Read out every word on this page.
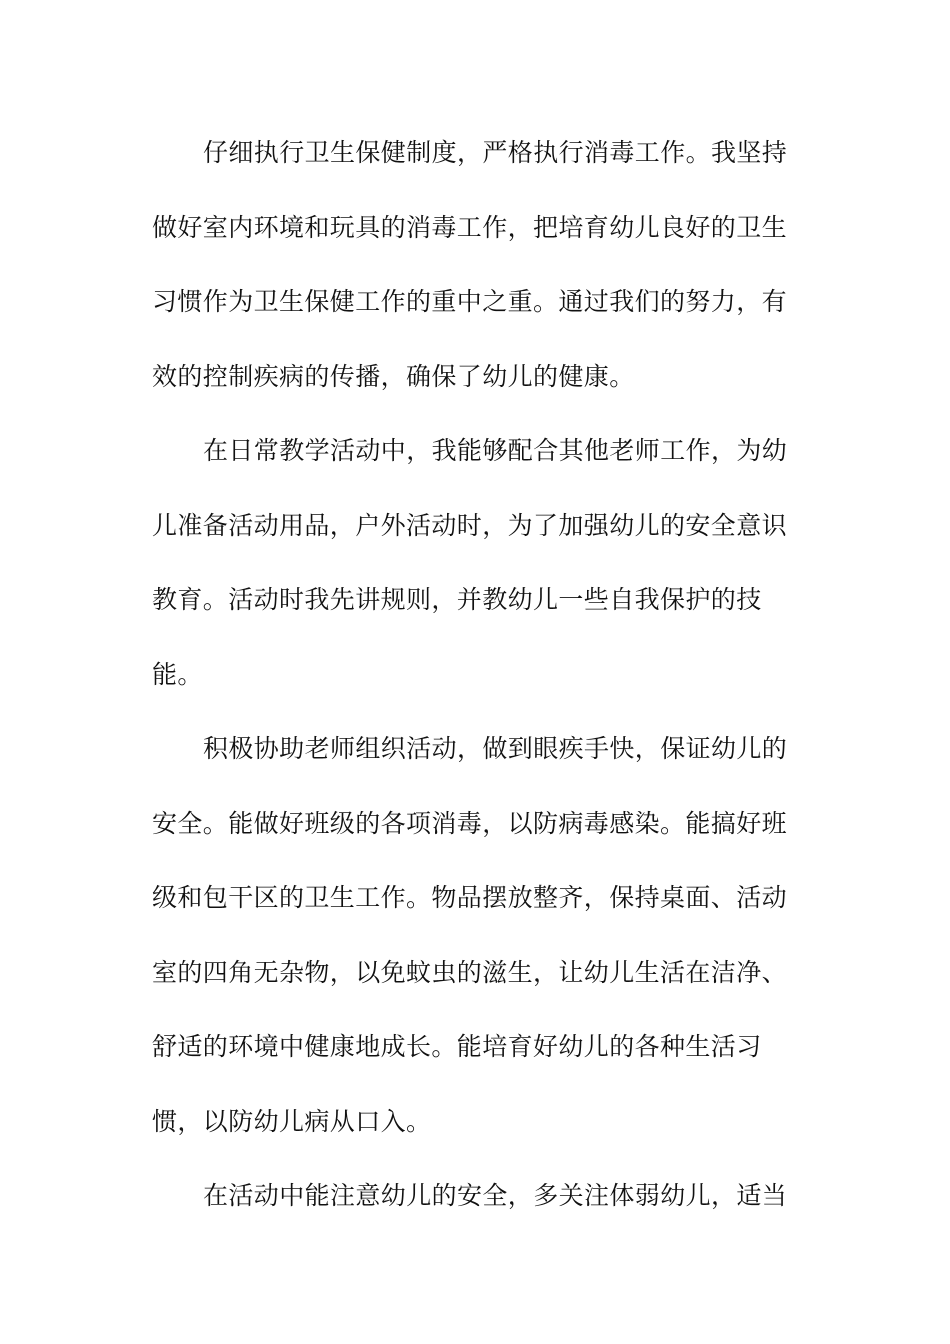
仔细执行卫生保健制度，严格执行消毒工作。我坚持
做好室内环境和玩具的消毒工作，把培育幼儿良好的卫生
习惯作为卫生保健工作的重中之重。通过我们的努力，有
效的控制疾病的传播，确保了幼儿的健康。
在日常教学活动中，我能够配合其他老师工作，为幼
儿准备活动用品，户外活动时，为了加强幼儿的安全意识
教育。活动时我先讲规则，并教幼儿一些自我保护的技
能。
积极协助老师组织活动，做到眼疾手快，保证幼儿的
安全。能做好班级的各项消毒，以防病毒感染。能搞好班
级和包干区的卫生工作。物品摆放整齐，保持桌面、活动
室的四角无杂物，以免蚊虫的滋生，让幼儿生活在洁净、
舒适的环境中健康地成长。能培育好幼儿的各种生活习
惯，以防幼儿病从口入。
在活动中能注意幼儿的安全，多关注体弱幼儿，适当
